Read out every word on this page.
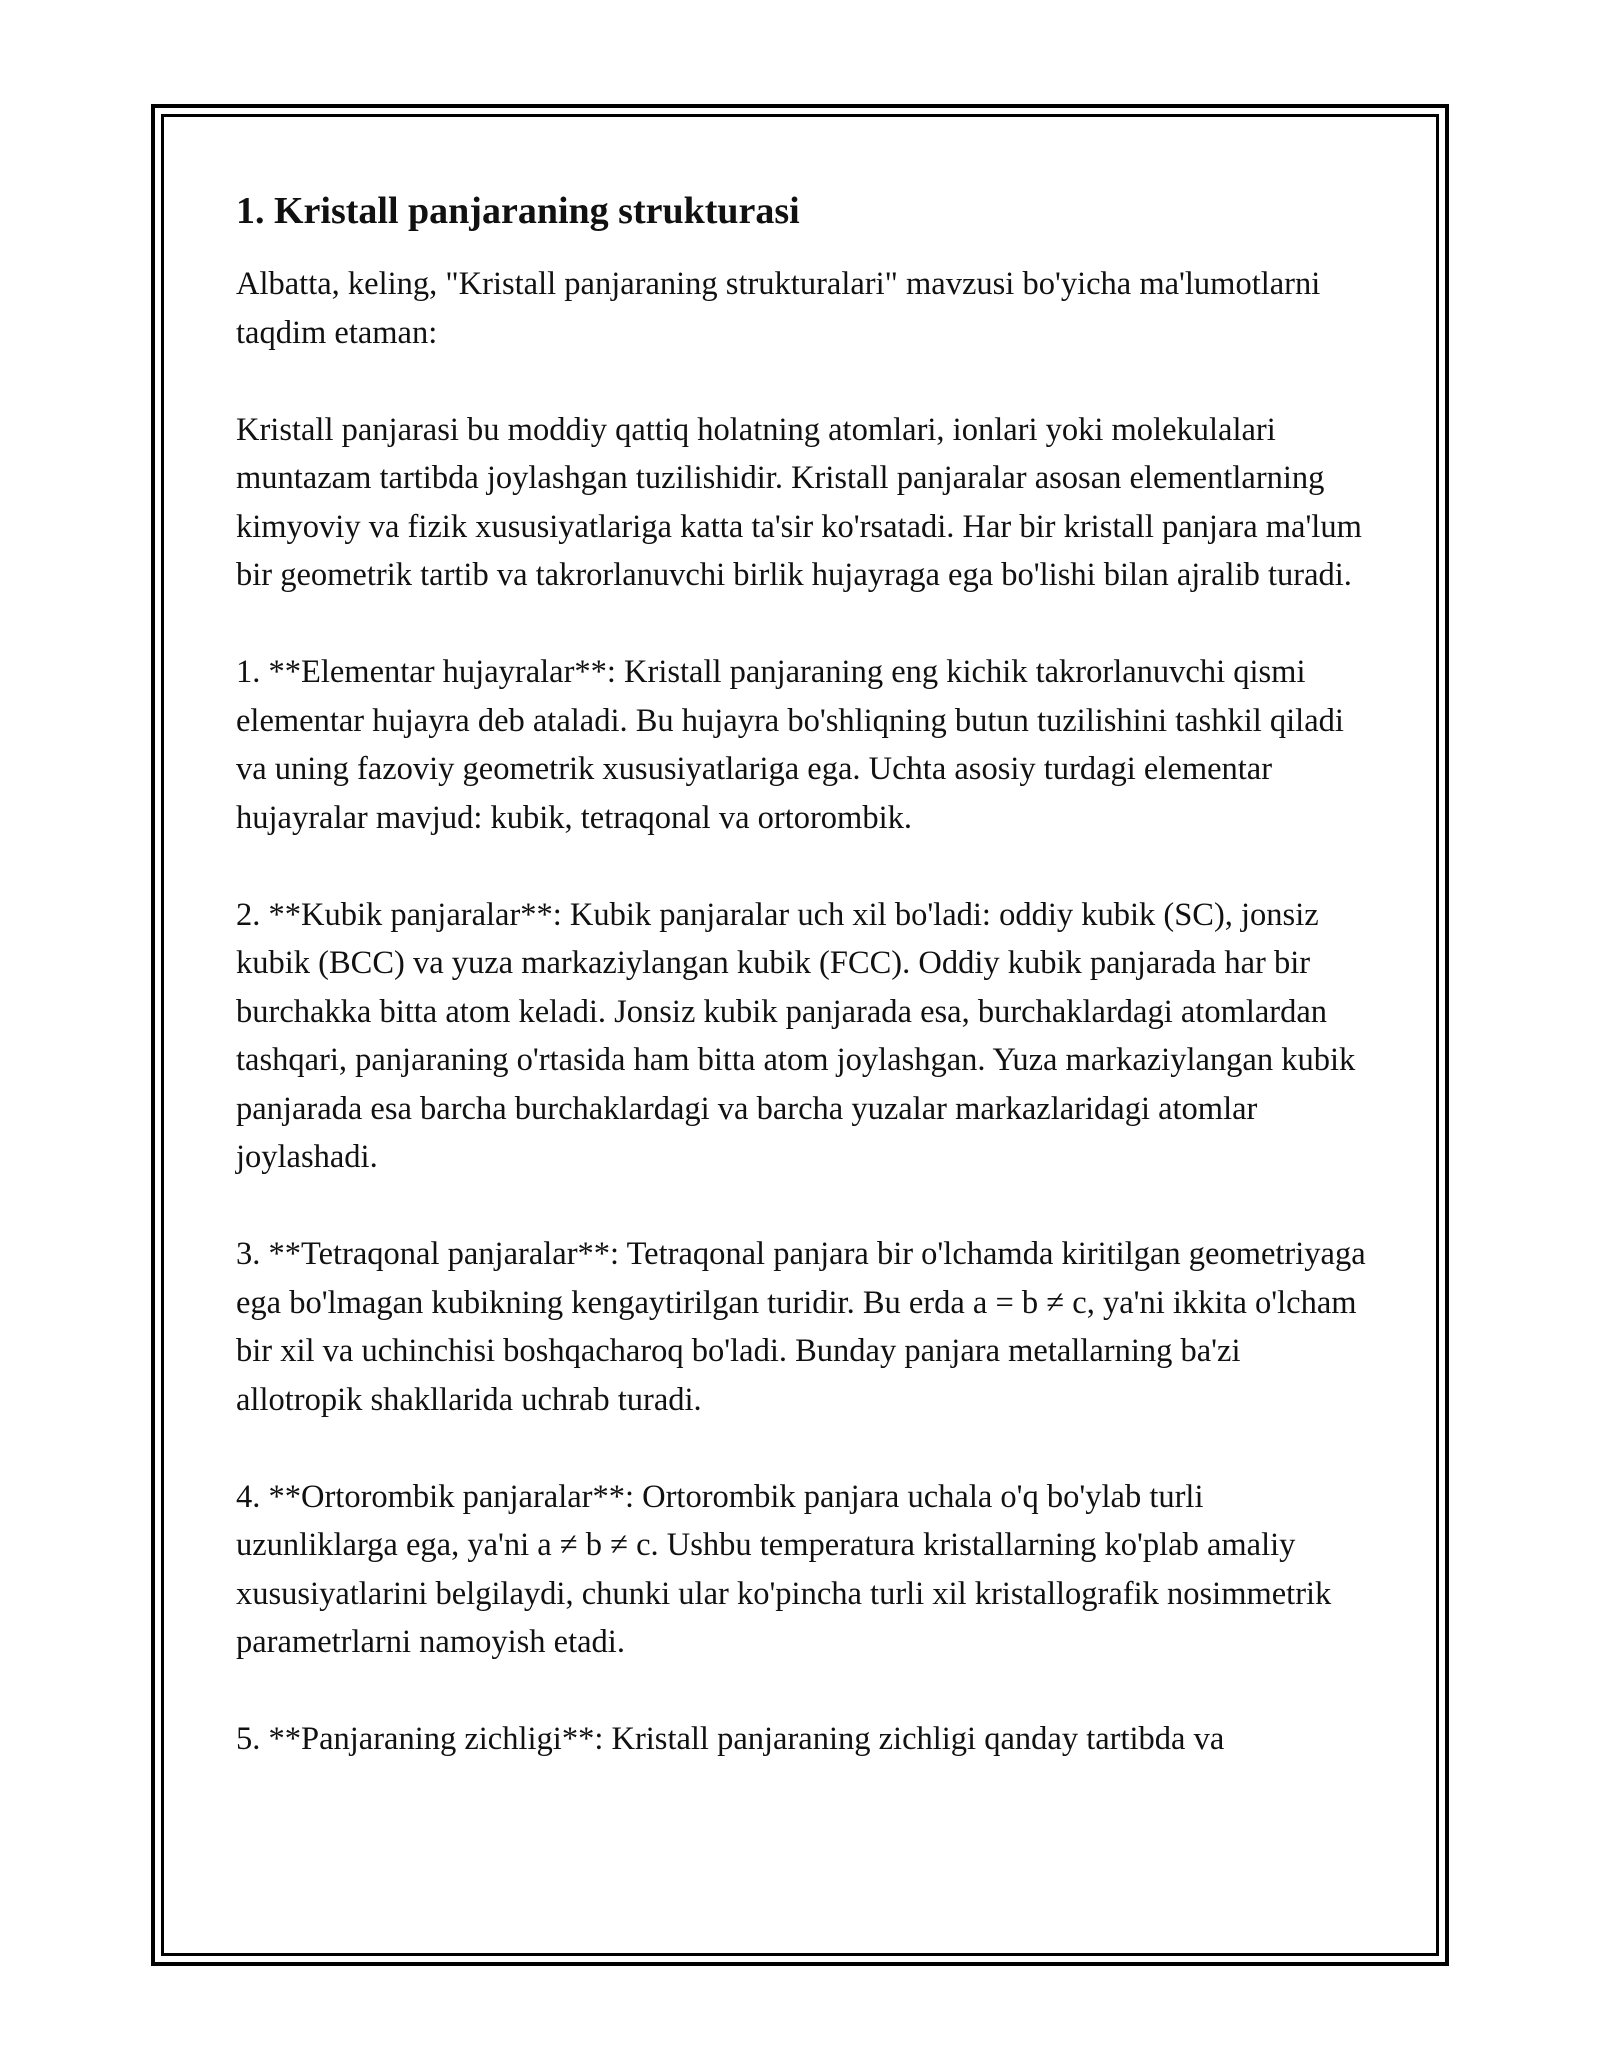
1. Kristall panjaraning strukturasi

Albatta, keling, "Kristall panjaraning strukturalari" mavzusi bo'yicha ma'lumotlarni taqdim etaman:

Kristall panjarasi bu moddiy qattiq holatning atomlari, ionlari yoki molekulalari muntazam tartibda joylashgan tuzilishidir. Kristall panjaralar asosan elementlarning kimyoviy va fizik xususiyatlariga katta ta'sir ko'rsatadi. Har bir kristall panjara ma'lum bir geometrik tartib va takrorlanuvchi birlik hujayraga ega bo'lishi bilan ajralib turadi.

1. **Elementar hujayralar**: Kristall panjaraning eng kichik takrorlanuvchi qismi elementar hujayra deb ataladi. Bu hujayra bo'shliqning butun tuzilishini tashkil qiladi va uning fazoviy geometrik xususiyatlariga ega. Uchta asosiy turdagi elementar hujayralar mavjud: kubik, tetraqonal va ortorombik.

2. **Kubik panjaralar**: Kubik panjaralar uch xil bo'ladi: oddiy kubik (SC), jonsiz kubik (BCC) va yuza markaziylangan kubik (FCC). Oddiy kubik panjarada har bir burchakka bitta atom keladi. Jonsiz kubik panjarada esa, burchaklardagi atomlardan tashqari, panjaraning o'rtasida ham bitta atom joylashgan. Yuza markaziylangan kubik panjarada esa barcha burchaklardagi va barcha yuzalar markazlaridagi atomlar joylashadi.

3. **Tetraqonal panjaralar**: Tetraqonal panjara bir o'lchamda kiritilgan geometriyaga ega bo'lmagan kubikning kengaytirilgan turidir. Bu erda a = b ≠ c, ya'ni ikkita o'lcham bir xil va uchinchisi boshqacharoq bo'ladi. Bunday panjara metallarning ba'zi allotropik shakllarida uchrab turadi.

4. **Ortorombik panjaralar**: Ortorombik panjara uchala o'q bo'ylab turli uzunliklarga ega, ya'ni a ≠ b ≠ c. Ushbu temperatura kristallarning ko'plab amaliy xususiyatlarini belgilaydi, chunki ular ko'pincha turli xil kristallografik nosimmetrik parametrlarni namoyish etadi.

5. **Panjaraning zichligi**: Kristall panjaraning zichligi qanday tartibda va
